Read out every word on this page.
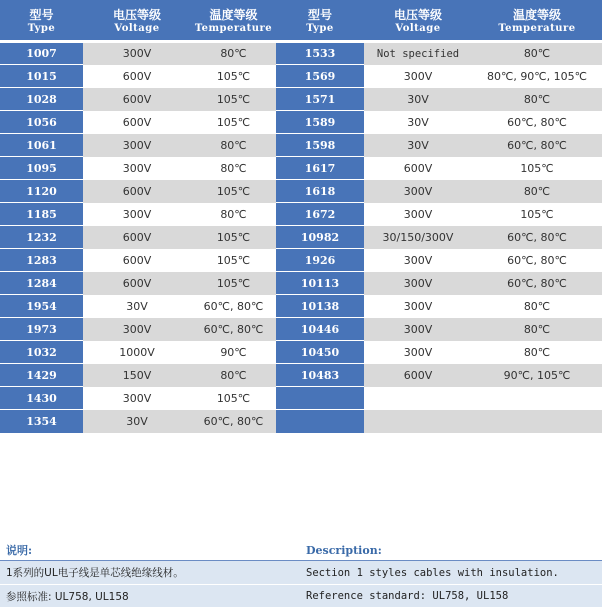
型号	电压等级	温度等级	型号	电压等级	温度等级
Type	Voltage	Temperature	Type	Voltage	Temperature
1007	300V	80℃	1533	Not specified	80℃
1015	600V	105℃	1569	300V	80℃, 90℃, 105℃
1028	600V	105℃	1571	30V	80℃
1056	600V	105℃	1589	30V	60℃, 80℃
1061	300V	80℃	1598	30V	60℃, 80℃
1095	300V	80℃	1617	600V	105℃
1120	600V	105℃	1618	300V	80℃
1185	300V	80℃	1672	300V	105℃
1232	600V	105℃	10982	30/150/300V	60℃, 80℃
1283	600V	105℃	1926	300V	60℃, 80℃
1284	600V	105℃	10113	300V	60℃, 80℃
1954	30V	60℃, 80℃	10138	300V	80℃
1973	300V	60℃, 80℃	10446	300V	80℃
1032	1000V	90℃	10450	300V	80℃
1429	150V	80℃	10483	600V	90℃, 105℃
1430	300V	105℃			
1354	30V	60℃, 80℃			
说明:	Description:
1系列的UL电子线是单芯线绝缘线材。	Section 1 styles cables with insulation.
参照标准: UL758, UL158	Reference standard: UL758, UL158
